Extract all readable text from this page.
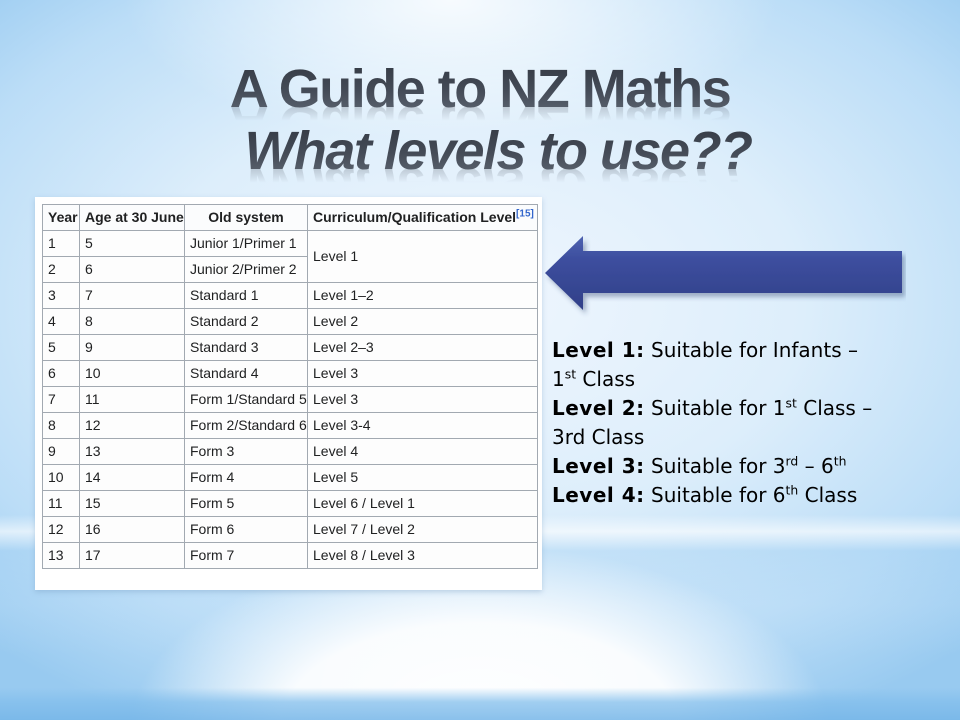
A Guide to NZ Maths
What levels to use??
Year	Age at 30 June	Old system	Curriculum/Qualification Level[15]
1	5	Junior 1/Primer 1	Level 1
2	6	Junior 2/Primer 2	
3	7	Standard 1	Level 1–2
4	8	Standard 2	Level 2
5	9	Standard 3	Level 2–3
6	10	Standard 4	Level 3
7	11	Form 1/Standard 5	Level 3
8	12	Form 2/Standard 6	Level 3-4
9	13	Form 3	Level 4
10	14	Form 4	Level 5
11	15	Form 5	Level 6 / Level 1
12	16	Form 6	Level 7 / Level 2
13	17	Form 7	Level 8 / Level 3

Level 1: Suitable for Infants –
1st Class

Level 2: Suitable for 1st Class –
3rd Class

Level 3: Suitable for 3rd – 6th

Level 4: Suitable for 6th Class
